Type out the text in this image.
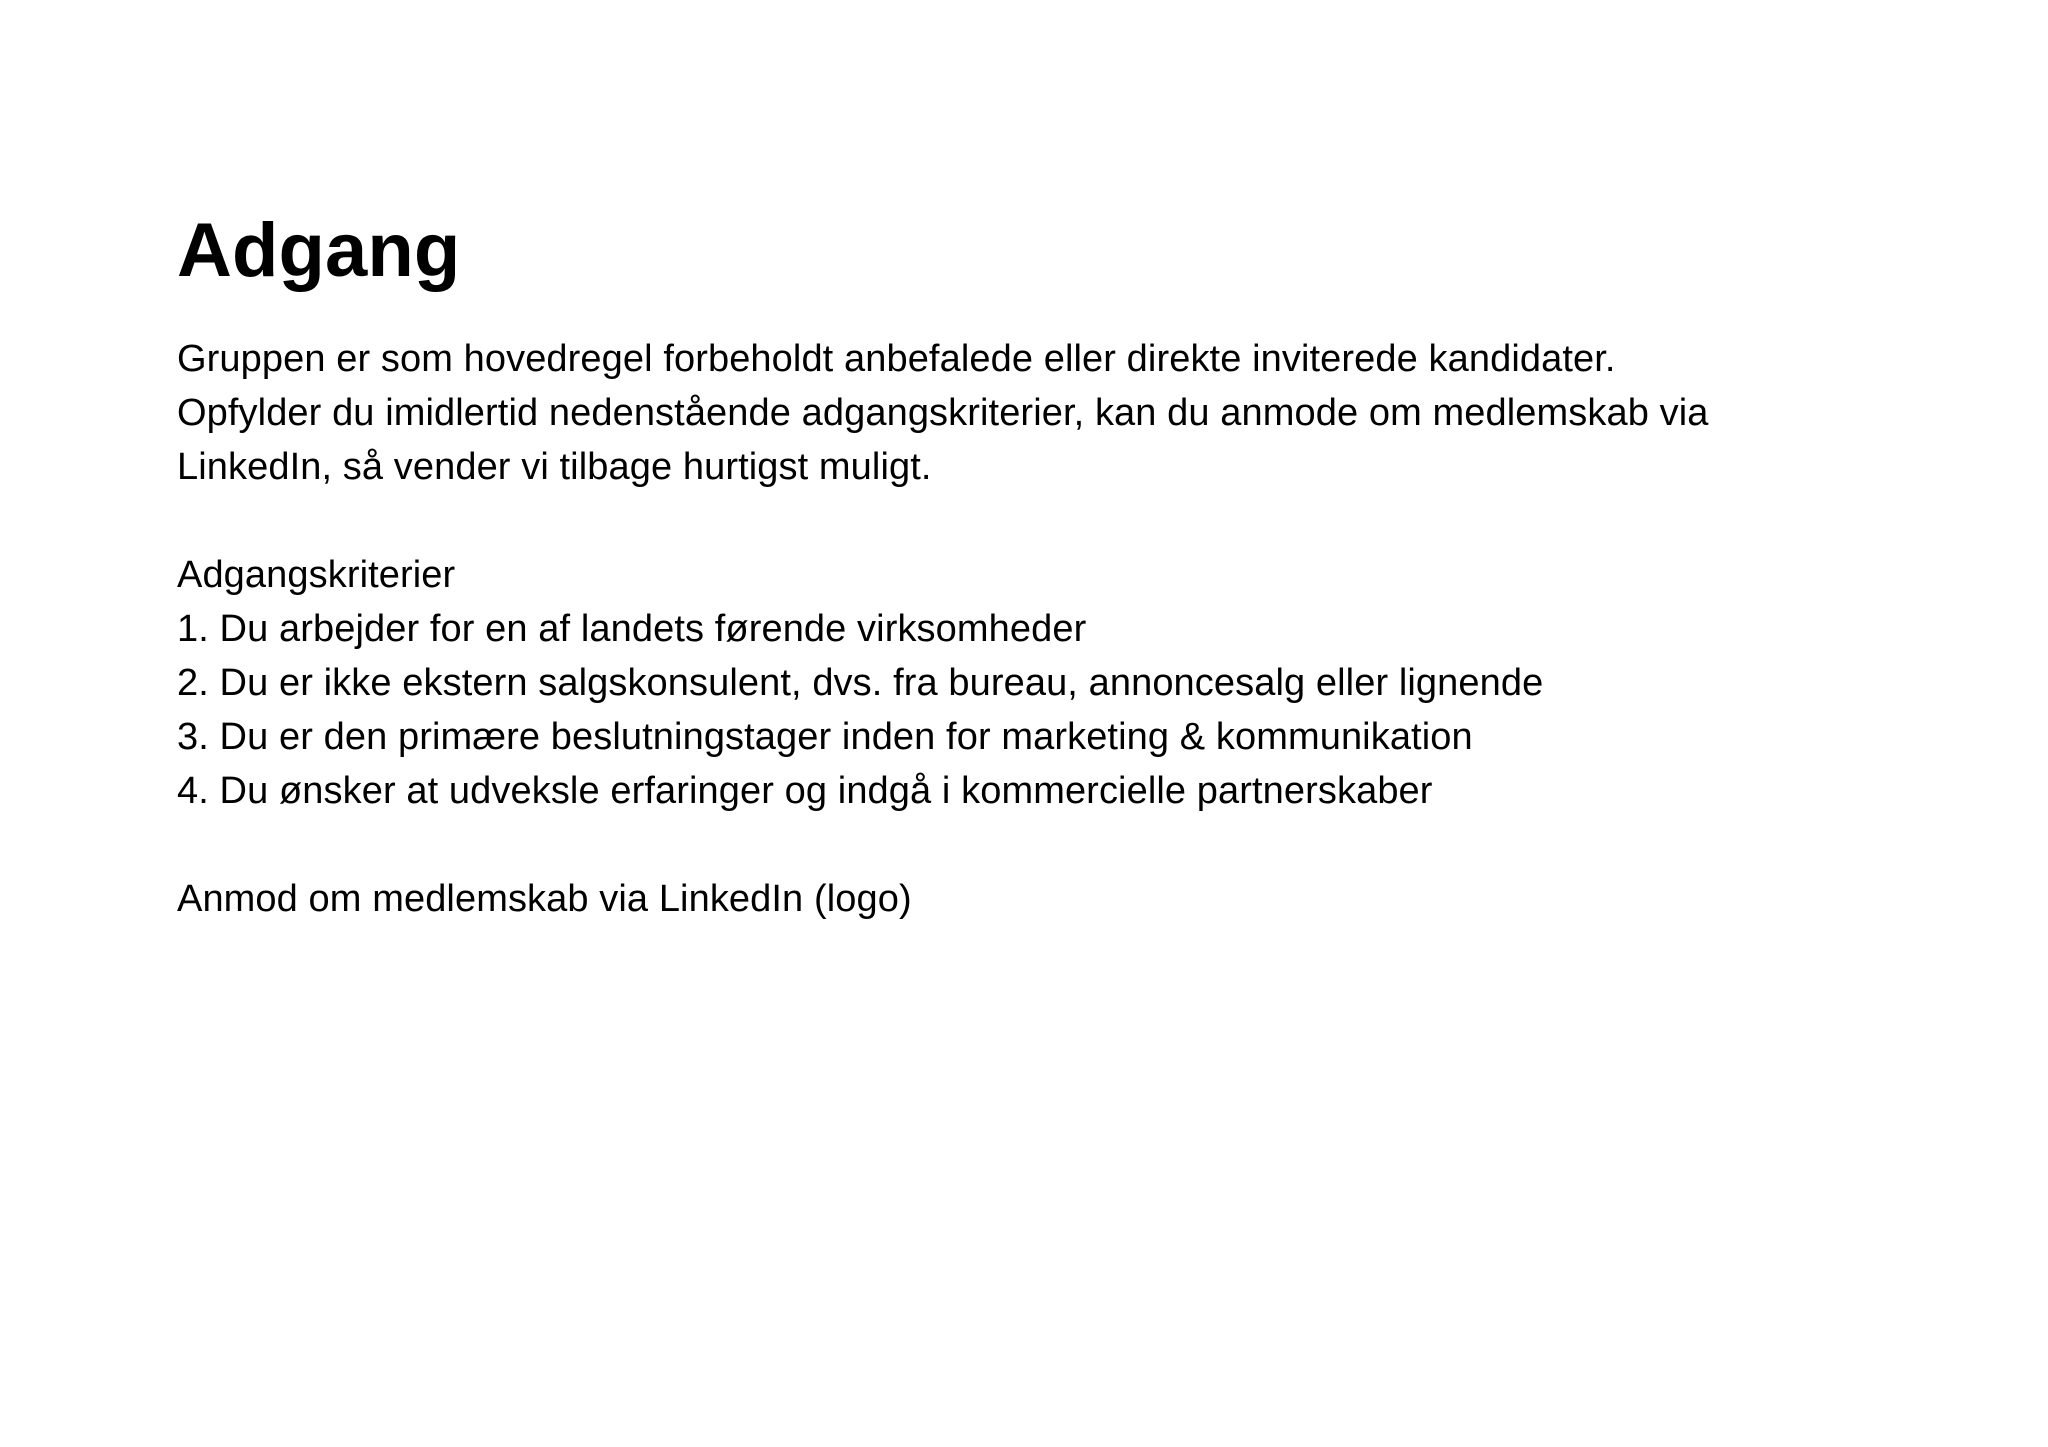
Adgang

Gruppen er som hovedregel forbeholdt anbefalede eller direkte inviterede kandidater.

Opfylder du imidlertid nedenstående adgangskriterier, kan du anmode om medlemskab via

LinkedIn, så vender vi tilbage hurtigst muligt.

Adgangskriterier

1. Du arbejder for en af landets førende virksomheder
2. Du er ikke ekstern salgskonsulent, dvs. fra bureau, annoncesalg eller lignende
3. Du er den primære beslutningstager inden for marketing & kommunikation
4. Du ønsker at udveksle erfaringer og indgå i kommercielle partnerskaber

Anmod om medlemskab via LinkedIn (logo)
